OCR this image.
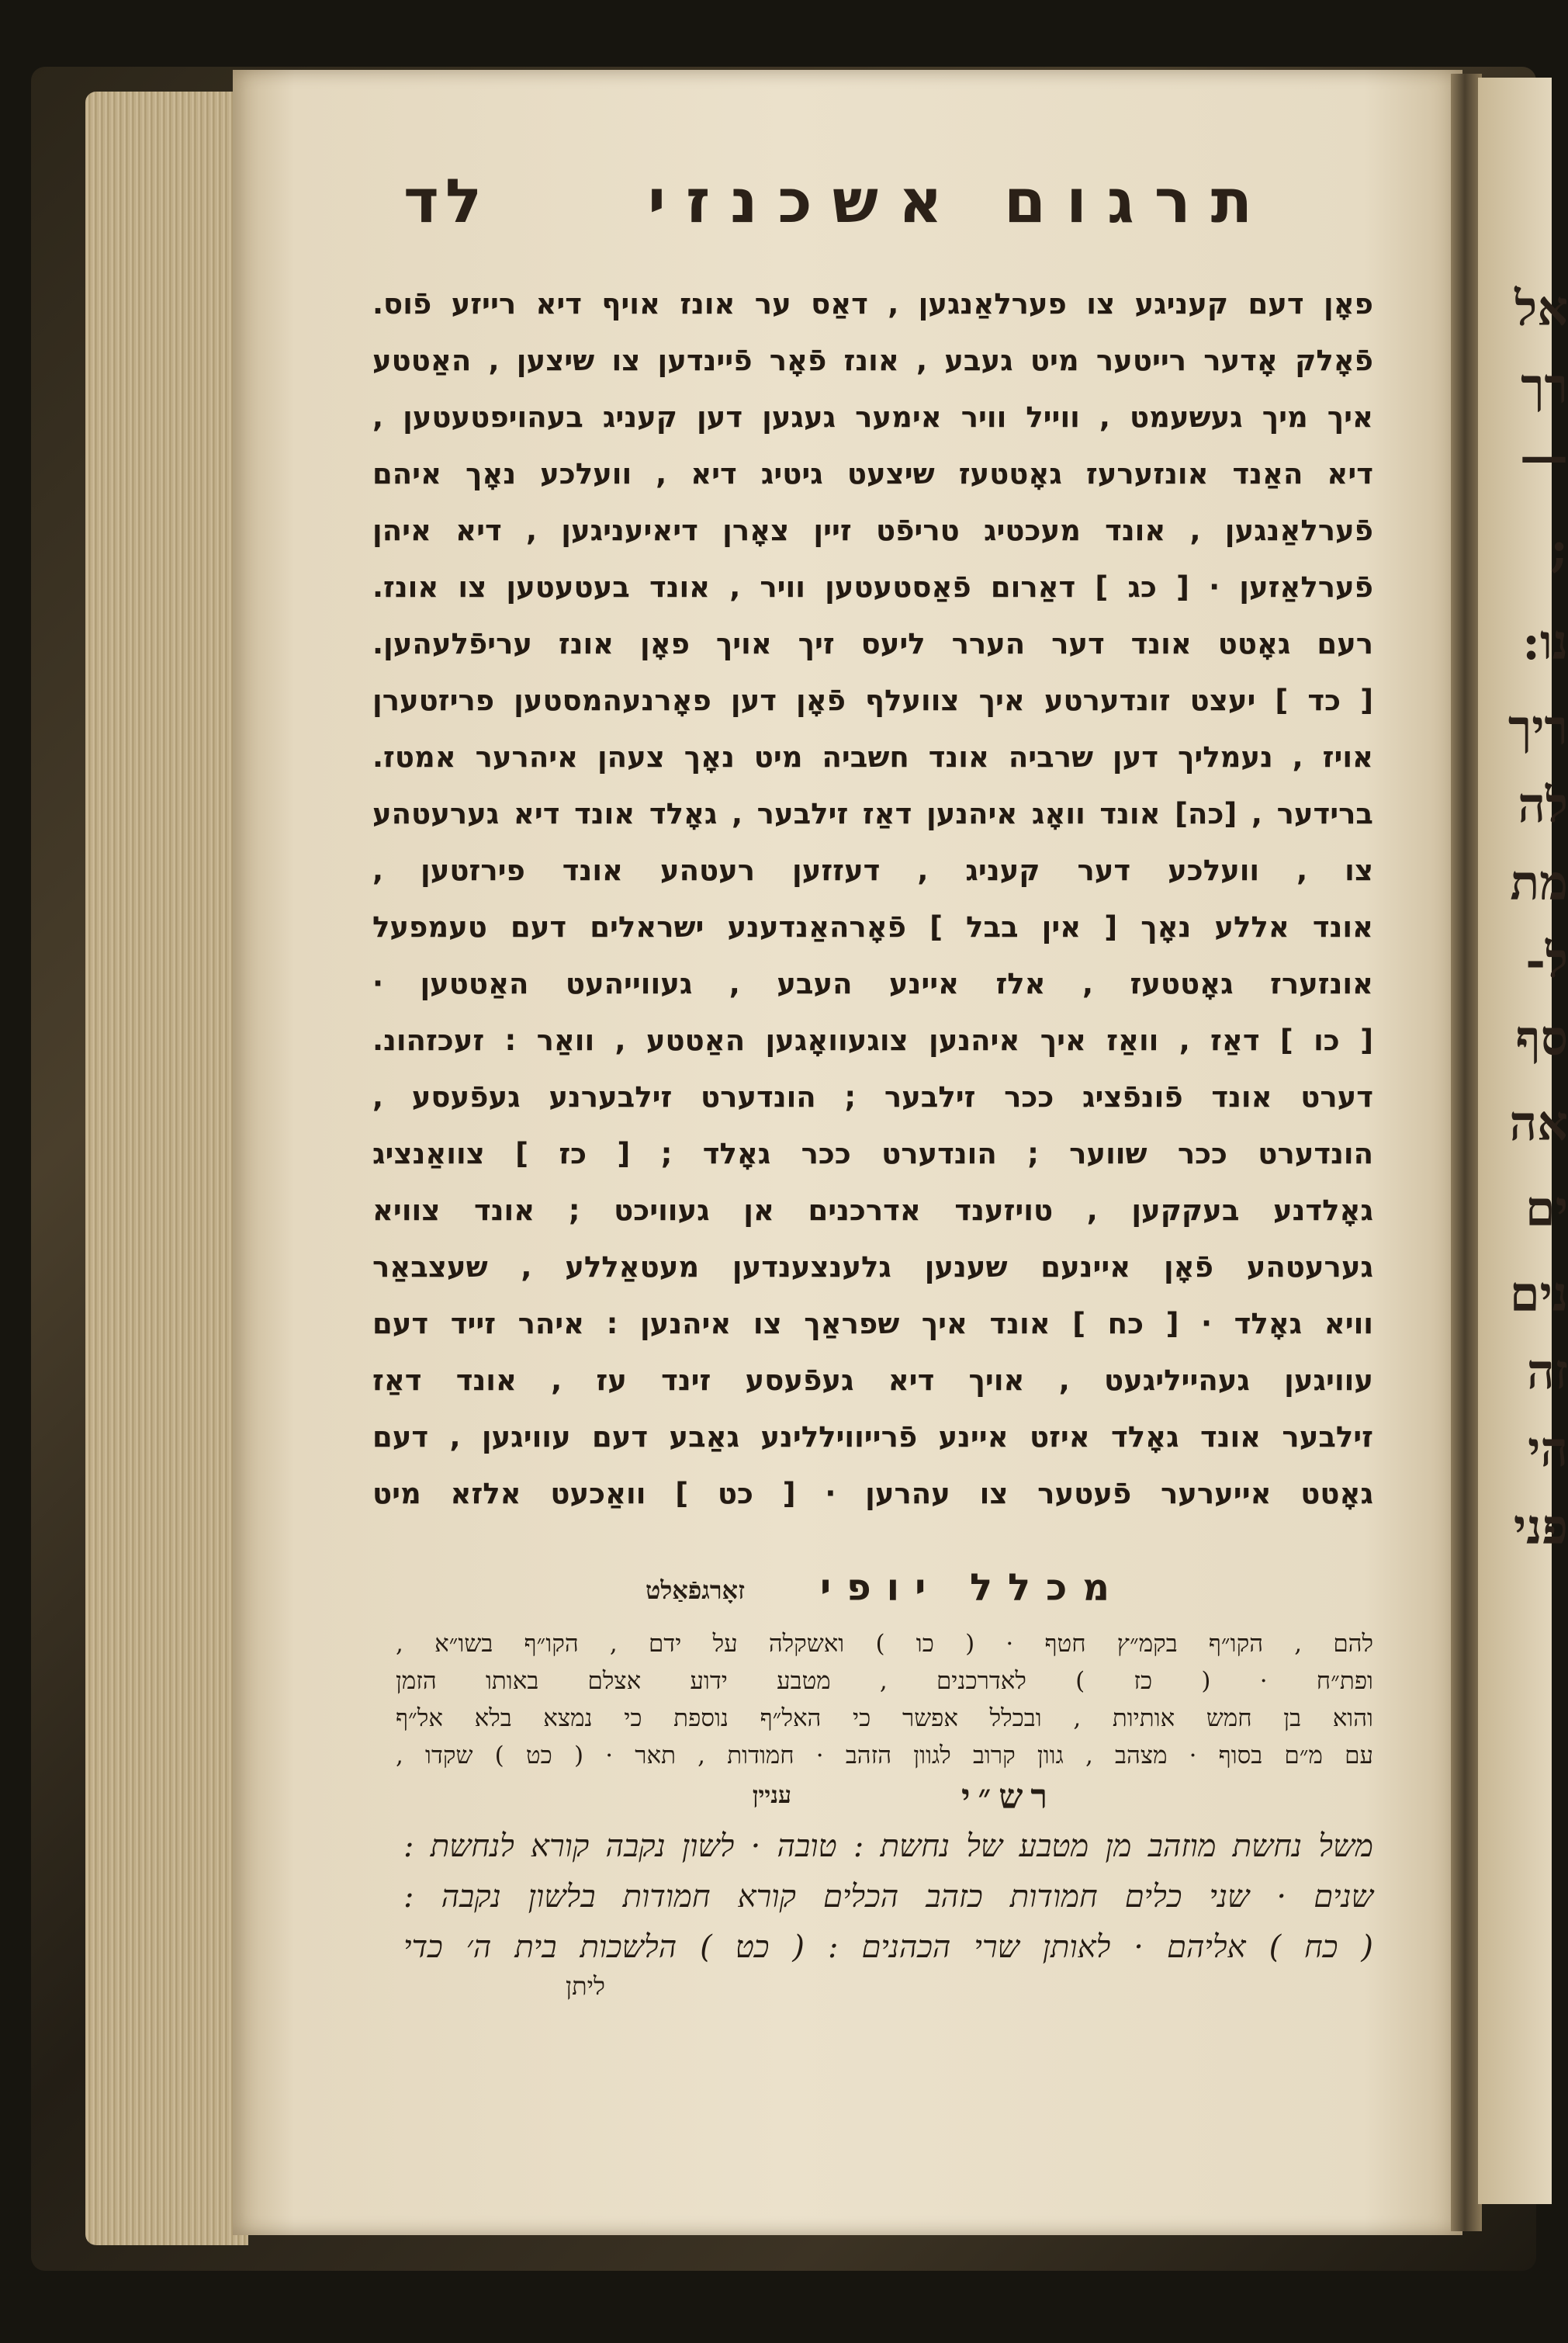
אל
רך
—
;
נו:
ריך
לה
מת
ל-
סף
אה
ים
נים
זה
הי
פני
תרגום אשכנזי
לד
פאָן דעם קעניגע צו פערלאַנגען , דאַס ער אונז אויף דיא רייזע פֿוס.
פֿאָלק אָדער רייטער מיט געבע , אונז פֿאָר פֿיינדען צו שיצען , האַטטע
איך מיך געשעמט , ווייל וויר אימער געגען דען קעניג בעהויפטעטען ,
דיא האַנד אונזערעז גאָטטעז שיצעט גיטיג דיא , וועלכע נאָך איהם
פֿערלאַנגען , אונד מעכטיג טריפֿט זיין צאָרן דיאיעניגען , דיא איהן
פֿערלאַזען · [ כג ] דאַרום פֿאַסטעטען וויר , אונד בעטעטען צו אונז.
רעם גאָטט אונד דער הערר ליעס זיך אויך פאָן אונז עריפֿלעהען.
[ כד ] יעצט זונדערטע איך צוועלף פֿאָן דען פאָרנעהמסטען פריזטערן
אויז , נעמליך דען שרביה אונד חשביה מיט נאָך צעהן איהרער אמטז.
ברידער , [כה] אונד וואָג איהנען דאַז זילבער , גאָלד אונד דיא גערעטהע
צו , וועלכע דער קעניג , דעזזען רעטהע אונד פירזטען ,
אונד אללע נאָך [ אין בבל ] פֿאָרהאַנדענע ישראלים דעם טעמפעל
אונזערז גאָטטעז , אלז איינע העבע , געווייהעט האַטטען ·
[ כו ] דאַז , וואַז איך איהנען צוגעוואָגען האַטטע , וואַר : זעכזהונ.
דערט אונד פֿונפֿציג ככר זילבער ; הונדערט זילבערנע געפֿעסע ,
הונדערט ככר שווער ; הונדערט ככר גאָלד ; [ כז ] צוואַנציג
גאָלדנע בעקקען , טויזענד אדרכנים אן געוויכט ; אונד צוויא
גערעטהע פֿאָן איינעם שענען גלענצענדען מעטאַללע , שעצבאַר
וויא גאָלד · [ כח ] אונד איך שפראַך צו איהנען : איהר זייד דעם
עוויגען געהייליגעט , אויך דיא געפֿעסע זינד עז , אונד דאַז
זילבער אונד גאָלד איזט איינע פֿרייוויללינע גאַבע דעם עוויגען , דעם
גאָטט אייערער פֿעטער צו עהרען · [ כט ] וואַכעט אלזא מיט
מכלל יופי
זאָרגפֿאַלט
להם , הקו״ף בקמ״ץ חטף · ( כו ) ואשקלה על ידם , הקו״ף בשו״א ,
ופת״ח · ( כז ) לאדרכנים , מטבע ידוע אצלם באותו הזמן
והוא בן חמש אותיות , ובכלל אפשר כי האל״ף נוספת כי נמצא בלא אל״ף
עם מ״ם בסוף · מצהב , גוון קרוב לגוון הזהב · חמודות , תאר · ( כט ) שקדו ,
רש״י
עניין
משל נחשת מוזהב מן מטבע של נחשת : טובה · לשון נקבה קורא לנחשת :
שנים · שני כלים חמודות כזהב הכלים קורא חמודות בלשון נקבה :
( כח ) אליהם · לאותן שרי הכהנים : ( כט ) הלשכות בית ה׳ כדי
ליתן
